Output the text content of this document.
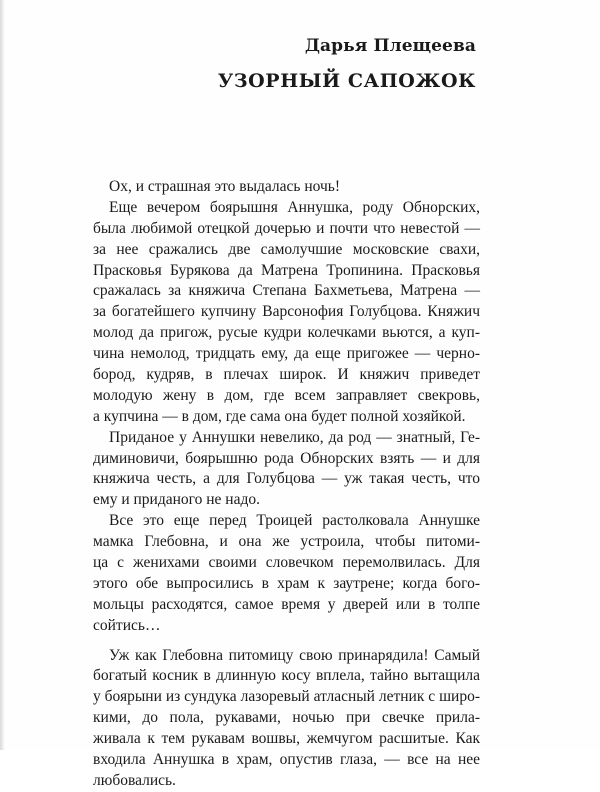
Дарья Плещеева
УЗОРНЫЙ САПОЖОК
Ох, и страшная это выдалась ночь!
Еще вечером боярышня Аннушка, роду Обнорских,
была любимой отецкой дочерью и почти что невестой —
за нее сражались две самолучшие московские свахи,
Прасковья Бурякова да Матрена Тропинина. Прасковья
сражалась за княжича Степана Бахметьева, Матрена —
за богатейшего купчину Варсонофия Голубцова. Княжич
молод да пригож, русые кудри колечками вьются, а куп-
чина немолод, тридцать ему, да еще пригожее — черно-
бород, кудряв, в плечах широк. И княжич приведет
молодую жену в дом, где всем заправляет свекровь,
а купчина — в дом, где сама она будет полной хозяйкой.
Приданое у Аннушки невелико, да род — знатный, Ге-
диминовичи, боярышню рода Обнорских взять — и для
княжича честь, а для Голубцова — уж такая честь, что
ему и приданого не надо.
Все это еще перед Троицей растолковала Аннушке
мамка Глебовна, и она же устроила, чтобы питоми-
ца с женихами своими словечком перемолвилась. Для
этого обе выпросились в храм к заутрене; когда бого-
мольцы расходятся, самое время у дверей или в толпе
сойтись…
Уж как Глебовна питомицу свою принарядила! Самый
богатый косник в длинную косу вплела, тайно вытащила
у боярыни из сундука лазоревый атласный летник с широ-
кими, до пола, рукавами, ночью при свечке прила-
живала к тем рукавам вошвы, жемчугом расшитые. Как
входила Аннушка в храм, опустив глаза, — все на нее
любовались.
